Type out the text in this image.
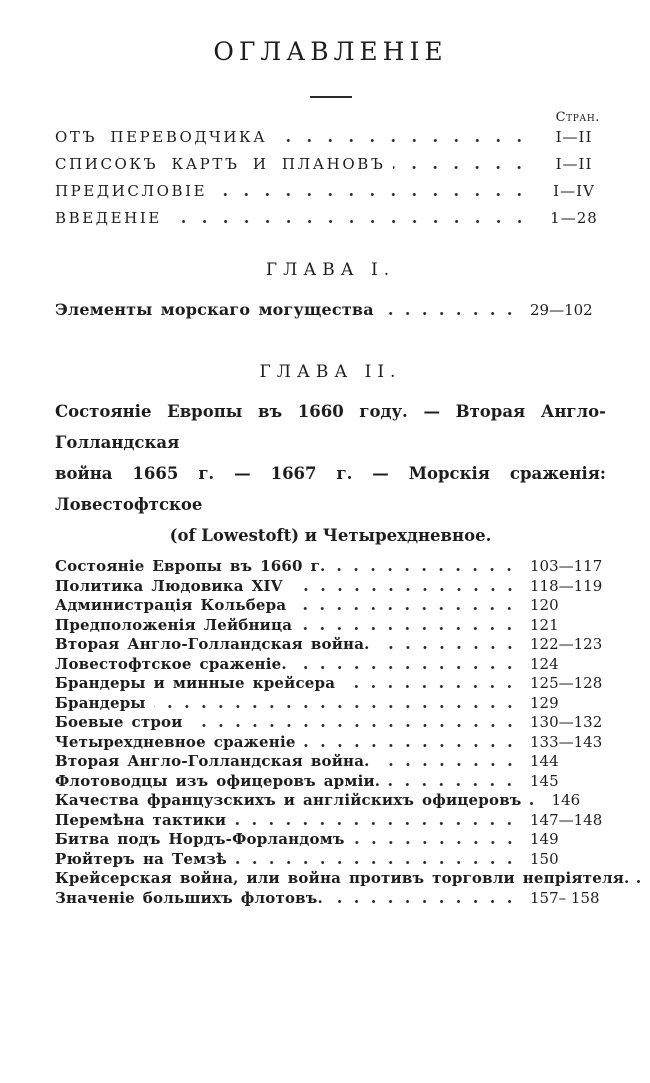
ОГЛАВЛЕНІЕ
Стран.
ОТЪ ПЕРЕВОДЧИКА	I—II
СПИСОКЪ КАРТЪ И ПЛАНОВЪ	I—II
ПРЕДИСЛОВІЕ	I—IV
ВВЕДЕНІЕ	1—28
ГЛАВА I.
Элементы морскаго могущества	29—102
ГЛАВА II.
Состояніе Европы въ 1660 году. — Вторая Англо-Голландская
война 1665 г. — 1667 г. — Морскія сраженія: Ловестофтское
(of Lowestoft) и Четырехдневное.
Состояніе Европы въ 1660 г.	103—117
Политика Людовика XIV	118—119
Администрація Кольбера	120
Предположенія Лейбница	121
Вторая Англо-Голландская война.	122—123
Ловестофтское сраженіе.	124
Брандеры и минные крейсера	125—128
Брандеры	129
Боевые строи	130—132
Четырехдневное сраженіе	133—143
Вторая Англо-Голландская война.	144
Флотоводцы изъ офицеровъ арміи.	145
Качества французскихъ и англійскихъ офицеровъ 146
Перемѣна тактики	147—148
Битва подъ Нордъ-Форландомъ	149
Рюйтеръ на Темзѣ	150
Крейсерская война, или война противъ торговли непріятеля.
Значеніе большихъ флотовъ.	157– 158
